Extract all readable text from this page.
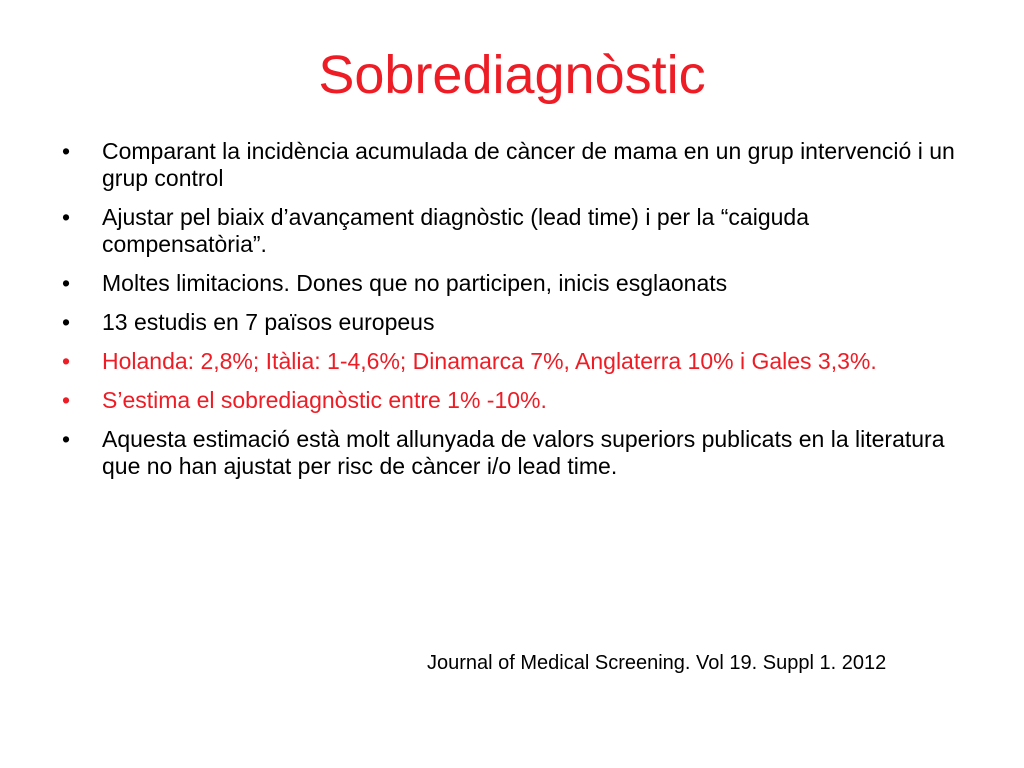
Sobrediagnòstic
•	Comparant la incidència acumulada de càncer de mama en un grup intervenció i un grup control
•	Ajustar pel biaix d’avançament diagnòstic (lead time) i per la “caiguda compensatòria”.
•	Moltes limitacions. Dones que no participen, inicis esglaonats
•	13 estudis en 7 països europeus
•	Holanda: 2,8%; Itàlia: 1-4,6%; Dinamarca 7%, Anglaterra 10% i Gales 3,3%.
•	S’estima el sobrediagnòstic entre 1% -10%.
•	Aquesta estimació està molt allunyada de valors superiors publicats en la literatura que no han ajustat per risc de càncer i/o lead time.
Journal of Medical Screening. Vol 19. Suppl 1. 2012
